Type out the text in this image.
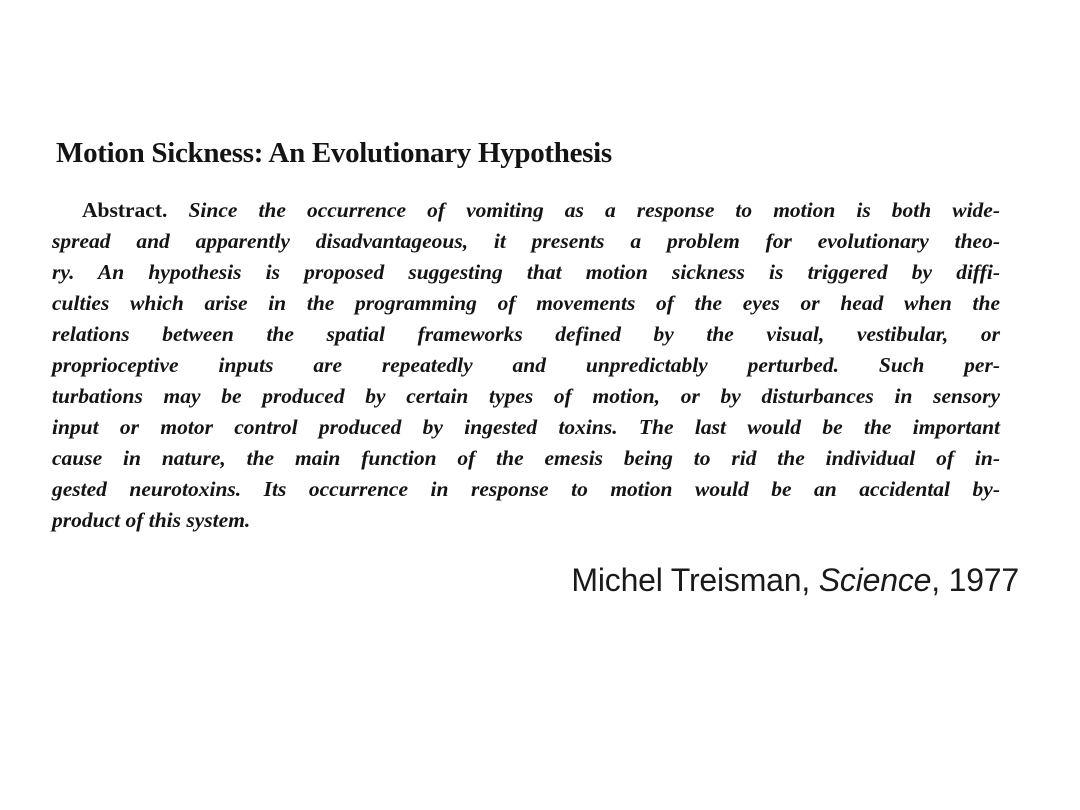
Motion Sickness: An Evolutionary Hypothesis
Abstract. Since the occurrence of vomiting as a response to motion is both wide-
spread and apparently disadvantageous, it presents a problem for evolutionary theo-
ry. An hypothesis is proposed suggesting that motion sickness is triggered by diffi-
culties which arise in the programming of movements of the eyes or head when the
relations between the spatial frameworks defined by the visual, vestibular, or
proprioceptive inputs are repeatedly and unpredictably perturbed. Such per-
turbations may be produced by certain types of motion, or by disturbances in sensory
input or motor control produced by ingested toxins. The last would be the important
cause in nature, the main function of the emesis being to rid the individual of in-
gested neurotoxins. Its occurrence in response to motion would be an accidental by-
product of this system.
Michel Treisman, Science, 1977
